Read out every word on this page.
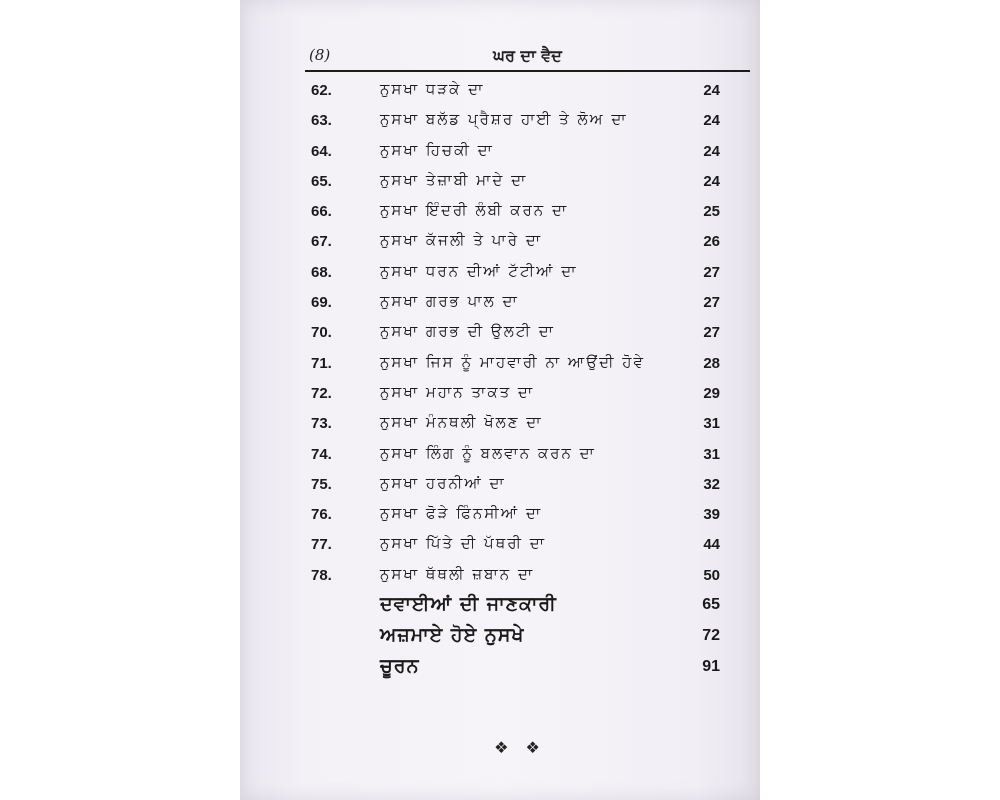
(8)	ਘਰ ਦਾ ਵੈਦ
62.	ਨੁਸਖਾ ਧੜਕੇ ਦਾ	24
63.	ਨੁਸਖਾ ਬਲੱਡ ਪ੍ਰੈਸ਼ਰ ਹਾਈ ਤੇ ਲੋਅ ਦਾ	24
64.	ਨੁਸਖਾ ਹਿਚਕੀ ਦਾ	24
65.	ਨੁਸਖਾ ਤੇਜ਼ਾਬੀ ਮਾਦੇ ਦਾ	24
66.	ਨੁਸਖਾ ਇੰਦਰੀ ਲੰਬੀ ਕਰਨ ਦਾ	25
67.	ਨੁਸਖਾ ਕੱਜਲੀ ਤੇ ਪਾਰੇ ਦਾ	26
68.	ਨੁਸਖਾ ਧਰਨ ਦੀਆਂ ਟੱਟੀਆਂ ਦਾ	27
69.	ਨੁਸਖਾ ਗਰਭ ਪਾਲ ਦਾ	27
70.	ਨੁਸਖਾ ਗਰਭ ਦੀ ਉਲਟੀ ਦਾ	27
71.	ਨੁਸਖਾ ਜਿਸ ਨੂੰ ਮਾਹਵਾਰੀ ਨਾ ਆਉਂਦੀ ਹੋਵੇ	28
72.	ਨੁਸਖਾ ਮਹਾਨ ਤਾਕਤ ਦਾ	29
73.	ਨੁਸਖਾ ਮੰਨਥਲੀ ਖੋਲਣ ਦਾ	31
74.	ਨੁਸਖਾ ਲਿੰਗ ਨੂੰ ਬਲਵਾਨ ਕਰਨ ਦਾ	31
75.	ਨੁਸਖਾ ਹਰਨੀਆਂ ਦਾ	32
76.	ਨੁਸਖਾ ਫੋੜੇ ਫਿੰਨਸੀਆਂ ਦਾ	39
77.	ਨੁਸਖਾ ਪਿੱਤੇ ਦੀ ਪੱਥਰੀ ਦਾ	44
78.	ਨੁਸਖਾ ਥੱਥਲੀ ਜ਼ਬਾਨ ਦਾ	50
ਦਵਾਈਆਂ ਦੀ ਜਾਣਕਾਰੀ	65
ਅਜ਼ਮਾਏ ਹੋਏ ਨੁਸਖੇ	72
ਚੂਰਨ	91
❖ ❖
